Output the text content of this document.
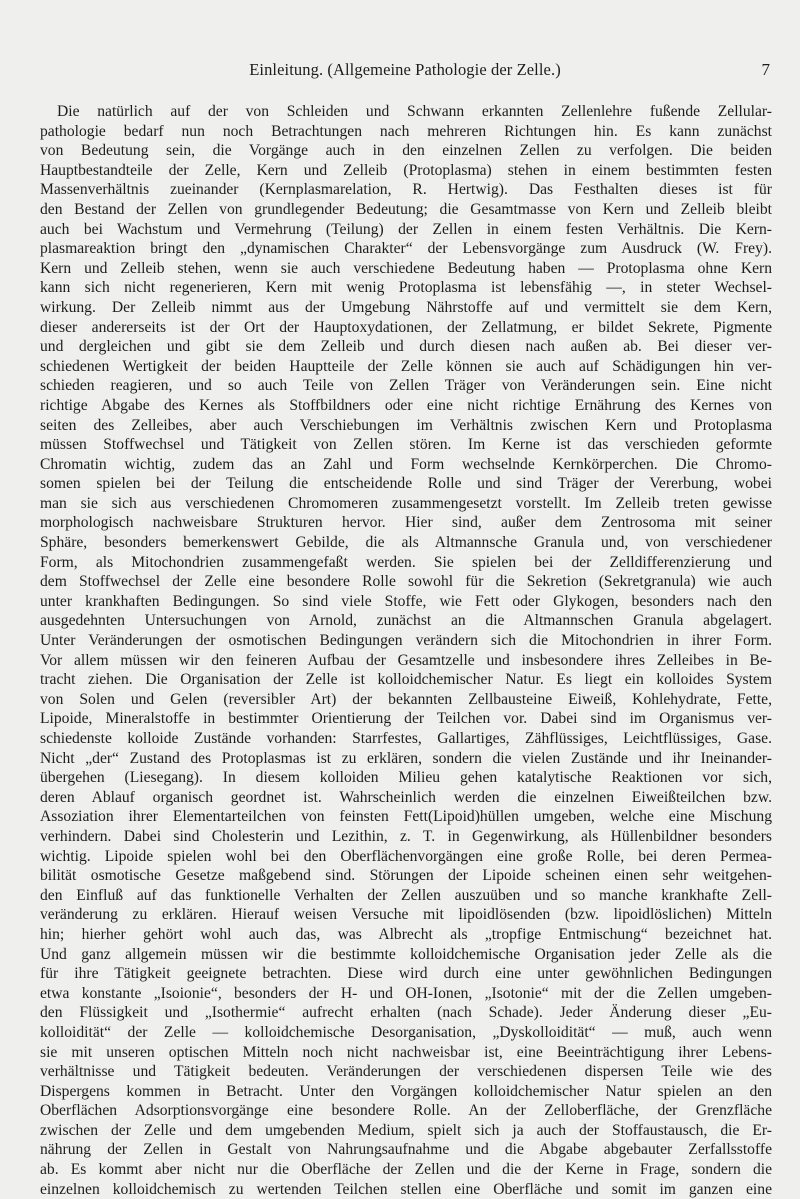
Einleitung. (Allgemeine Pathologie der Zelle.)	7
Die natürlich auf der von Schleiden und Schwann erkannten Zellenlehre fußende Zellular-
pathologie bedarf nun noch Betrachtungen nach mehreren Richtungen hin. Es kann zunächst
von Bedeutung sein, die Vorgänge auch in den einzelnen Zellen zu verfolgen. Die beiden
Hauptbestandteile der Zelle, Kern und Zelleib (Protoplasma) stehen in einem bestimmten festen
Massenverhältnis zueinander (Kernplasmarelation, R. Hertwig). Das Festhalten dieses ist für
den Bestand der Zellen von grundlegender Bedeutung; die Gesamtmasse von Kern und Zelleib bleibt
auch bei Wachstum und Vermehrung (Teilung) der Zellen in einem festen Verhältnis. Die Kern-
plasmareaktion bringt den „dynamischen Charakter“ der Lebensvorgänge zum Ausdruck (W. Frey).
Kern und Zelleib stehen, wenn sie auch verschiedene Bedeutung haben — Protoplasma ohne Kern
kann sich nicht regenerieren, Kern mit wenig Protoplasma ist lebensfähig —, in steter Wechsel-
wirkung. Der Zelleib nimmt aus der Umgebung Nährstoffe auf und vermittelt sie dem Kern,
dieser andererseits ist der Ort der Hauptoxydationen, der Zellatmung, er bildet Sekrete, Pigmente
und dergleichen und gibt sie dem Zelleib und durch diesen nach außen ab. Bei dieser ver-
schiedenen Wertigkeit der beiden Hauptteile der Zelle können sie auch auf Schädigungen hin ver-
schieden reagieren, und so auch Teile von Zellen Träger von Veränderungen sein. Eine nicht
richtige Abgabe des Kernes als Stoffbildners oder eine nicht richtige Ernährung des Kernes von
seiten des Zelleibes, aber auch Verschiebungen im Verhältnis zwischen Kern und Protoplasma
müssen Stoffwechsel und Tätigkeit von Zellen stören. Im Kerne ist das verschieden geformte
Chromatin wichtig, zudem das an Zahl und Form wechselnde Kernkörperchen. Die Chromo-
somen spielen bei der Teilung die entscheidende Rolle und sind Träger der Vererbung, wobei
man sie sich aus verschiedenen Chromomeren zusammengesetzt vorstellt. Im Zelleib treten gewisse
morphologisch nachweisbare Strukturen hervor. Hier sind, außer dem Zentrosoma mit seiner
Sphäre, besonders bemerkenswert Gebilde, die als Altmannsche Granula und, von verschiedener
Form, als Mitochondrien zusammengefaßt werden. Sie spielen bei der Zelldifferenzierung und
dem Stoffwechsel der Zelle eine besondere Rolle sowohl für die Sekretion (Sekretgranula) wie auch
unter krankhaften Bedingungen. So sind viele Stoffe, wie Fett oder Glykogen, besonders nach den
ausgedehnten Untersuchungen von Arnold, zunächst an die Altmannschen Granula abgelagert.
Unter Veränderungen der osmotischen Bedingungen verändern sich die Mitochondrien in ihrer Form.
Vor allem müssen wir den feineren Aufbau der Gesamtzelle und insbesondere ihres Zelleibes in Be-
tracht ziehen. Die Organisation der Zelle ist kolloidchemischer Natur. Es liegt ein kolloides System
von Solen und Gelen (reversibler Art) der bekannten Zellbausteine Eiweiß, Kohlehydrate, Fette,
Lipoide, Mineralstoffe in bestimmter Orientierung der Teilchen vor. Dabei sind im Organismus ver-
schiedenste kolloide Zustände vorhanden: Starrfestes, Gallartiges, Zähflüssiges, Leichtflüssiges, Gase.
Nicht „der“ Zustand des Protoplasmas ist zu erklären, sondern die vielen Zustände und ihr Ineinander-
übergehen (Liesegang). In diesem kolloiden Milieu gehen katalytische Reaktionen vor sich,
deren Ablauf organisch geordnet ist. Wahrscheinlich werden die einzelnen Eiweißteilchen bzw.
Assoziation ihrer Elementarteilchen von feinsten Fett(Lipoid)hüllen umgeben, welche eine Mischung
verhindern. Dabei sind Cholesterin und Lezithin, z. T. in Gegenwirkung, als Hüllenbildner besonders
wichtig. Lipoide spielen wohl bei den Oberflächenvorgängen eine große Rolle, bei deren Permea-
bilität osmotische Gesetze maßgebend sind. Störungen der Lipoide scheinen einen sehr weitgehen-
den Einfluß auf das funktionelle Verhalten der Zellen auszuüben und so manche krankhafte Zell-
veränderung zu erklären. Hierauf weisen Versuche mit lipoidlösenden (bzw. lipoidlöslichen) Mitteln
hin; hierher gehört wohl auch das, was Albrecht als „tropfige Entmischung“ bezeichnet hat.
Und ganz allgemein müssen wir die bestimmte kolloidchemische Organisation jeder Zelle als die
für ihre Tätigkeit geeignete betrachten. Diese wird durch eine unter gewöhnlichen Bedingungen
etwa konstante „Isoionie“, besonders der H- und OH-Ionen, „Isotonie“ mit der die Zellen umgeben-
den Flüssigkeit und „Isothermie“ aufrecht erhalten (nach Schade). Jeder Änderung dieser „Eu-
kolloidität“ der Zelle — kolloidchemische Desorganisation, „Dyskolloidität“ — muß, auch wenn
sie mit unseren optischen Mitteln noch nicht nachweisbar ist, eine Beeinträchtigung ihrer Lebens-
verhältnisse und Tätigkeit bedeuten. Veränderungen der verschiedenen dispersen Teile wie des
Dispergens kommen in Betracht. Unter den Vorgängen kolloidchemischer Natur spielen an den
Oberflächen Adsorptionsvorgänge eine besondere Rolle. An der Zelloberfläche, der Grenzfläche
zwischen der Zelle und dem umgebenden Medium, spielt sich ja auch der Stoffaustausch, die Er-
nährung der Zellen in Gestalt von Nahrungsaufnahme und die Abgabe abgebauter Zerfallsstoffe
ab. Es kommt aber nicht nur die Oberfläche der Zellen und die der Kerne in Frage, sondern die
einzelnen kolloidchemisch zu wertenden Teilchen stellen eine Oberfläche und somit im ganzen eine
